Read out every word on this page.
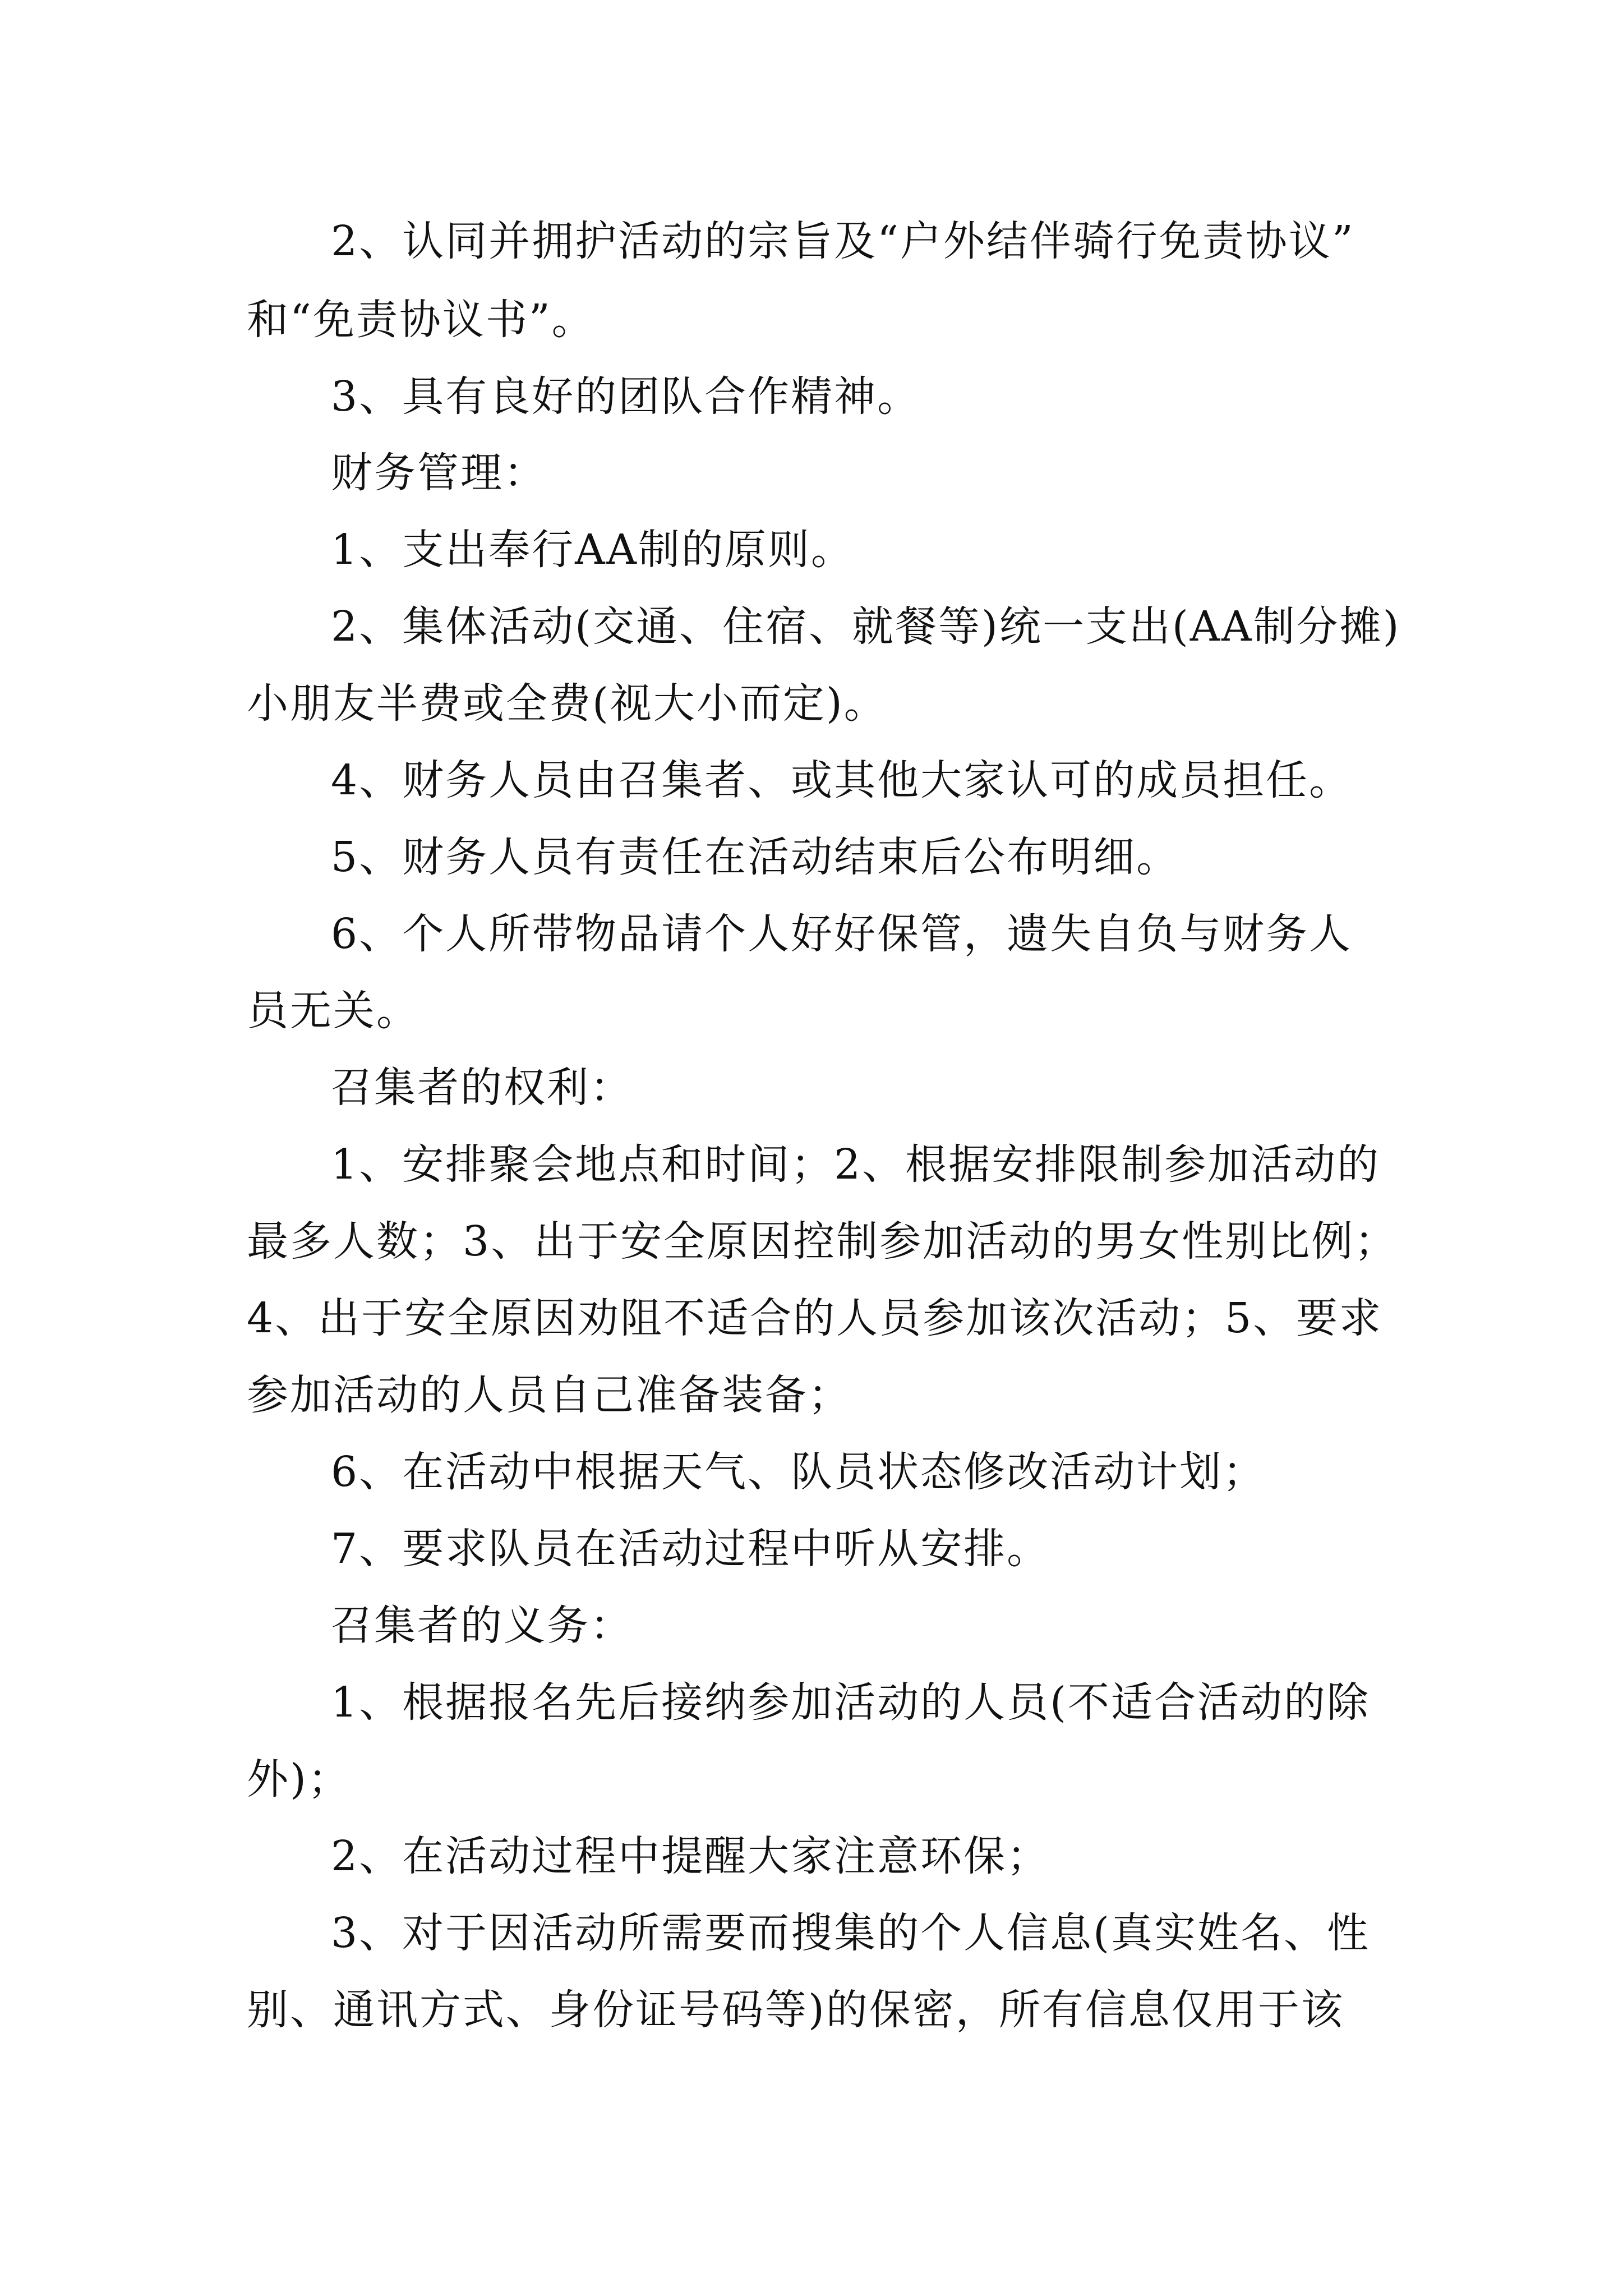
2、认同并拥护活动的宗旨及“户外结伴骑行免责协议”

和“免责协议书”。

3、具有良好的团队合作精神。

财务管理：

1、支出奉行AA制的原则。

2、集体活动(交通、住宿、就餐等)统一支出(AA制分摊)

小朋友半费或全费(视大小而定)。

4、财务人员由召集者、或其他大家认可的成员担任。

5、财务人员有责任在活动结束后公布明细。

6、个人所带物品请个人好好保管，遗失自负与财务人

员无关。

召集者的权利：

1、安排聚会地点和时间；2、根据安排限制参加活动的

最多人数；3、出于安全原因控制参加活动的男女性别比例；

4、出于安全原因劝阻不适合的人员参加该次活动；5、要求

参加活动的人员自己准备装备；

6、在活动中根据天气、队员状态修改活动计划；

7、要求队员在活动过程中听从安排。

召集者的义务：

1、根据报名先后接纳参加活动的人员(不适合活动的除

外)；

2、在活动过程中提醒大家注意环保；

3、对于因活动所需要而搜集的个人信息(真实姓名、性

别、通讯方式、身份证号码等)的保密，所有信息仅用于该
